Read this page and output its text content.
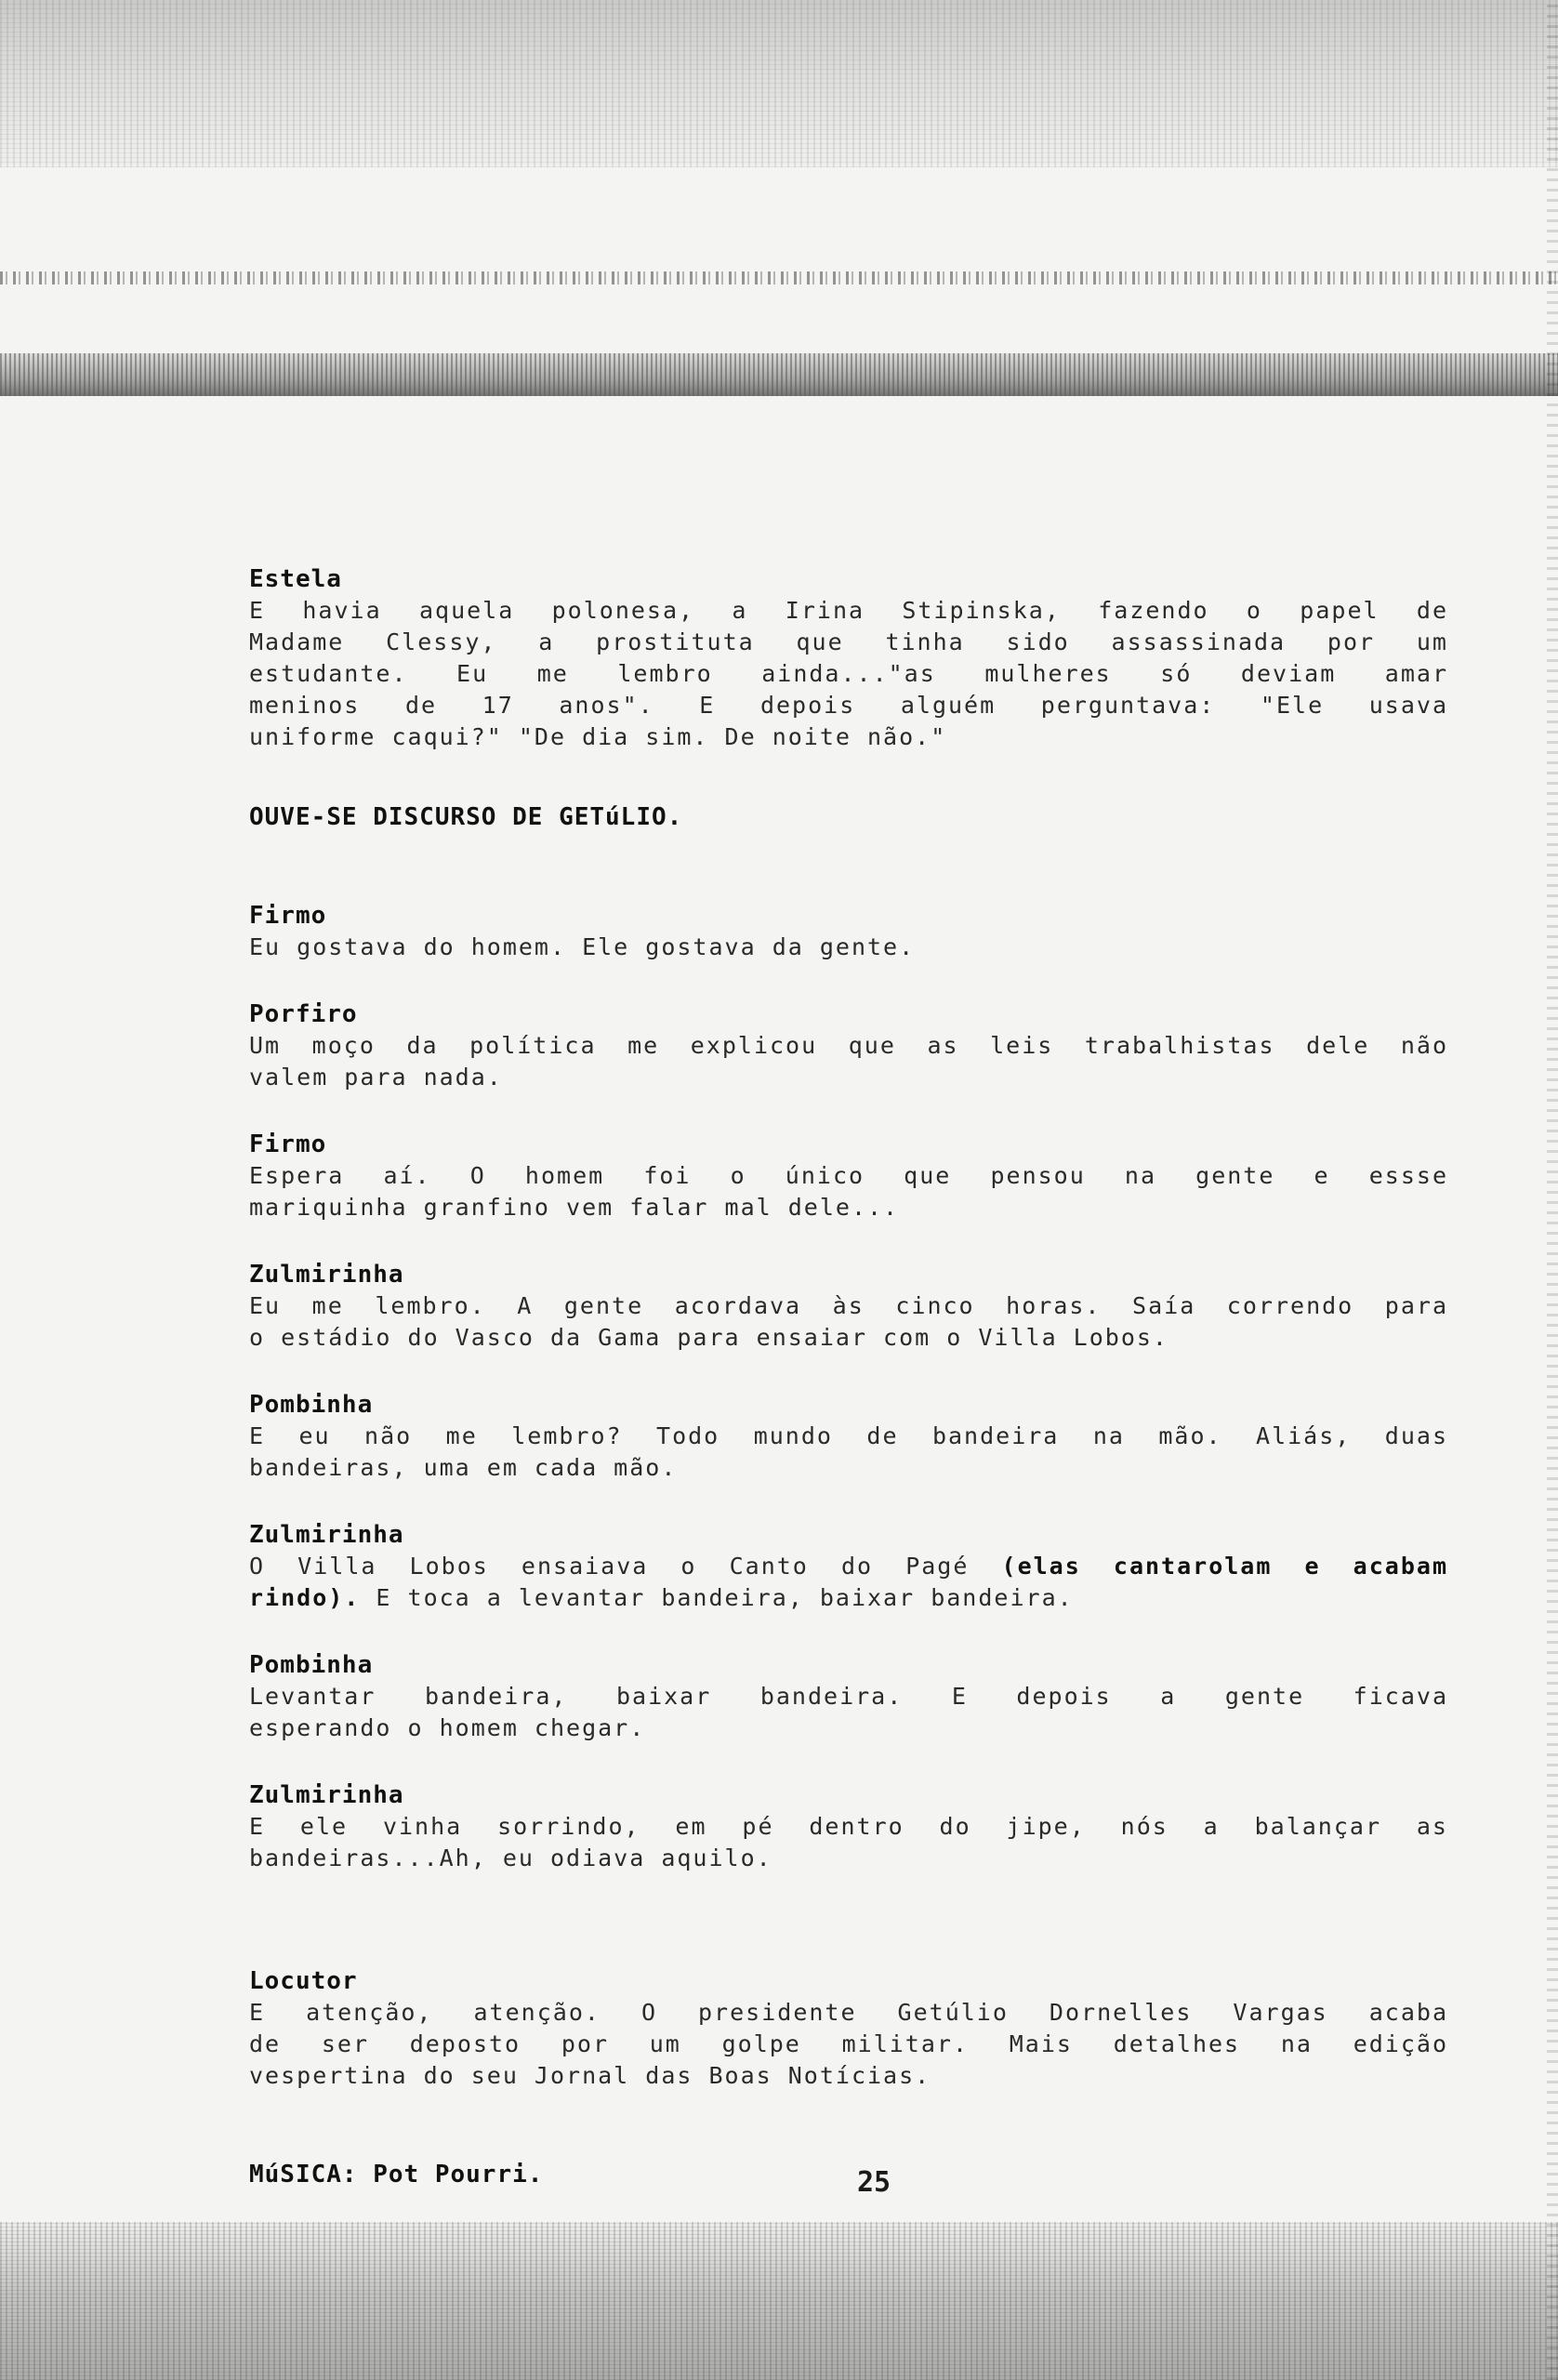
Estela
E havia aquela polonesa, a Irina Stipinska, fazendo o papel de
Madame Clessy, a prostituta que tinha sido assassinada por um
estudante. Eu me lembro ainda..."as mulheres só deviam amar
meninos de 17 anos". E depois alguém perguntava: "Ele usava
uniforme caqui?" "De dia sim. De noite não."
OUVE-SE DISCURSO DE GETúLIO.
Firmo
Eu gostava do homem. Ele gostava da gente.
Porfiro
Um moço da política me explicou que as leis trabalhistas dele não
valem para nada.
Firmo
Espera aí. O homem foi o único que pensou na gente e essse
mariquinha granfino vem falar mal dele...
Zulmirinha
Eu me lembro. A gente acordava às cinco horas. Saía correndo para
o estádio do Vasco da Gama para ensaiar com o Villa Lobos.
Pombinha
E eu não me lembro? Todo mundo de bandeira na mão. Aliás, duas
bandeiras, uma em cada mão.
Zulmirinha
O Villa Lobos ensaiava o Canto do Pagé (elas cantarolam e acabam
rindo). E toca a levantar bandeira, baixar bandeira.
Pombinha
Levantar bandeira, baixar bandeira. E depois a gente ficava
esperando o homem chegar.
Zulmirinha
E ele vinha sorrindo, em pé dentro do jipe, nós a balançar as
bandeiras...Ah, eu odiava aquilo.
Locutor
E atenção, atenção. O presidente Getúlio Dornelles Vargas acaba
de ser deposto por um golpe militar. Mais detalhes na edição
vespertina do seu Jornal das Boas Notícias.
MúSICA: Pot Pourri.	25
